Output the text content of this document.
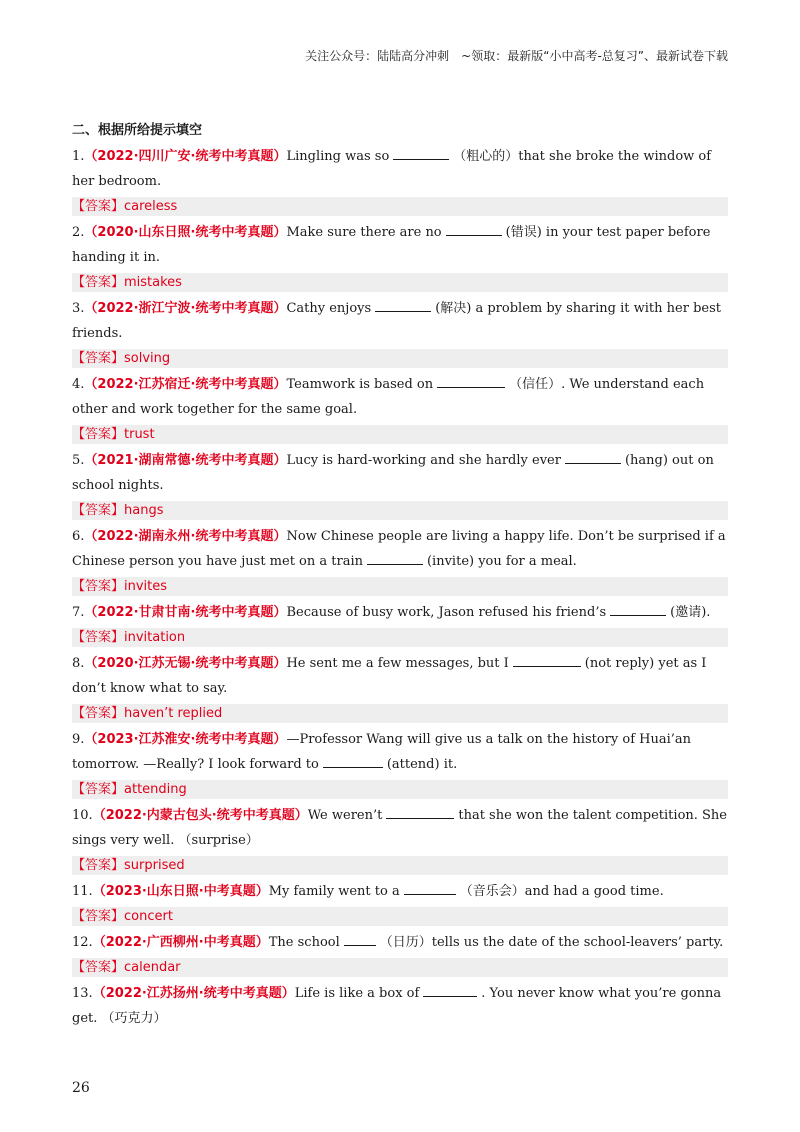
关注公众号：陆陆高分冲刺　~领取：最新版“小中高考-总复习”、最新试卷下载
二、根据所给提示填空
1.（2022·四川广安·统考中考真题）Lingling was so	（粗心的）that she broke the window of her bedroom.
【答案】careless
2.（2020·山东日照·统考中考真题）Make sure there are no	(错误) in your test paper before handing it in.
【答案】mistakes
3.（2022·浙江宁波·统考中考真题）Cathy enjoys	(解决) a problem by sharing it with her best friends.
【答案】solving
4.（2022·江苏宿迁·统考中考真题）Teamwork is based on	（信任）. We understand each other and work together for the same goal.
【答案】trust
5.（2021·湖南常德·统考中考真题）Lucy is hard-working and she hardly ever	(hang) out on school nights.
【答案】hangs
6.（2022·湖南永州·统考中考真题）Now Chinese people are living a happy life. Don’t be surprised if a Chinese person you have just met on a train	(invite) you for a meal.
【答案】invites
7.（2022·甘肃甘南·统考中考真题）Because of busy work, Jason refused his friend’s	(邀请).
【答案】invitation
8.（2020·江苏无锡·统考中考真题）He sent me a few messages, but I	(not reply) yet as I don’t know what to say.
【答案】haven’t replied
9.（2023·江苏淮安·统考中考真题）—Professor Wang will give us a talk on the history of Huai’an tomorrow. —Really? I look forward to	(attend) it.
【答案】attending
10.（2022·内蒙古包头·统考中考真题）We weren’t	that she won the talent competition. She sings very well. （surprise）
【答案】surprised
11.（2023·山东日照·中考真题）My family went to a	（音乐会）and had a good time.
【答案】concert
12.（2022·广西柳州·中考真题）The school	（日历）tells us the date of the school-leavers’ party.
【答案】calendar
13.（2022·江苏扬州·统考中考真题）Life is like a box of	. You never know what you’re gonna get. （巧克力）
26
